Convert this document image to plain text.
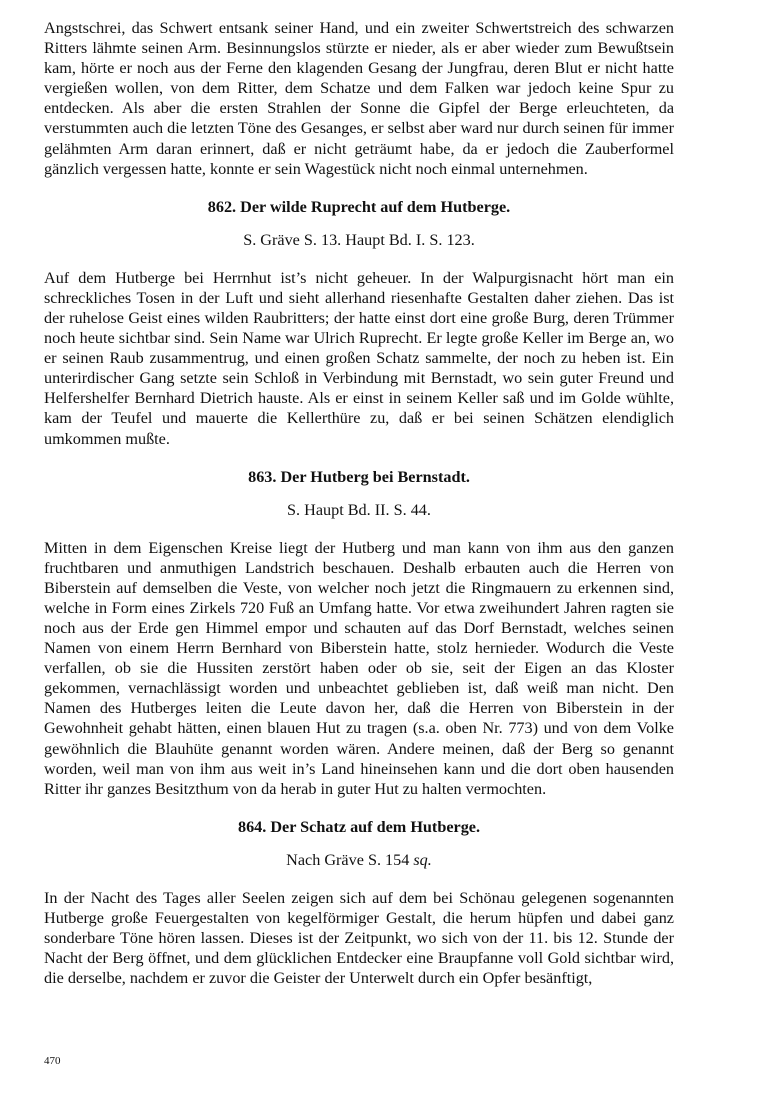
Angstschrei, das Schwert entsank seiner Hand, und ein zweiter Schwertstreich des schwarzen Ritters lähmte seinen Arm. Besinnungslos stürzte er nieder, als er aber wieder zum Bewußtsein kam, hörte er noch aus der Ferne den klagenden Gesang der Jungfrau, deren Blut er nicht hatte vergießen wollen, von dem Ritter, dem Schatze und dem Falken war jedoch keine Spur zu entdecken. Als aber die ersten Strahlen der Sonne die Gipfel der Berge erleuchteten, da verstummten auch die letzten Töne des Gesanges, er selbst aber ward nur durch seinen für immer gelähmten Arm daran erinnert, daß er nicht geträumt habe, da er jedoch die Zauberformel gänzlich vergessen hatte, konnte er sein Wagestück nicht noch einmal unternehmen.

862. Der wilde Ruprecht auf dem Hutberge.

S. Gräve S. 13. Haupt Bd. I. S. 123.

Auf dem Hutberge bei Herrnhut ist’s nicht geheuer. In der Walpurgisnacht hört man ein schreckliches Tosen in der Luft und sieht allerhand riesenhafte Gestalten daher ziehen. Das ist der ruhelose Geist eines wilden Raubritters; der hatte einst dort eine große Burg, deren Trümmer noch heute sichtbar sind. Sein Name war Ulrich Ruprecht. Er legte große Keller im Berge an, wo er seinen Raub zusammentrug, und einen großen Schatz sammelte, der noch zu heben ist. Ein unterirdischer Gang setzte sein Schloß in Verbindung mit Bernstadt, wo sein guter Freund und Helfershelfer Bernhard Dietrich hauste. Als er einst in seinem Keller saß und im Golde wühlte, kam der Teufel und mauerte die Kellerthüre zu, daß er bei seinen Schätzen elendiglich umkommen mußte.

863. Der Hutberg bei Bernstadt.

S. Haupt Bd. II. S. 44.

Mitten in dem Eigenschen Kreise liegt der Hutberg und man kann von ihm aus den ganzen fruchtbaren und anmuthigen Landstrich beschauen. Deshalb erbauten auch die Herren von Biberstein auf demselben die Veste, von welcher noch jetzt die Ringmauern zu erkennen sind, welche in Form eines Zirkels 720 Fuß an Umfang hatte. Vor etwa zweihundert Jahren ragten sie noch aus der Erde gen Himmel empor und schauten auf das Dorf Bernstadt, welches seinen Namen von einem Herrn Bernhard von Biberstein hatte, stolz hernieder. Wodurch die Veste verfallen, ob sie die Hussiten zerstört haben oder ob sie, seit der Eigen an das Kloster gekommen, vernachlässigt worden und unbeachtet geblieben ist, daß weiß man nicht. Den Namen des Hutberges leiten die Leute davon her, daß die Herren von Biberstein in der Gewohnheit gehabt hätten, einen blauen Hut zu tragen (s.a. oben Nr. 773) und von dem Volke gewöhnlich die Blauhüte genannt worden wären. Andere meinen, daß der Berg so genannt worden, weil man von ihm aus weit in’s Land hineinsehen kann und die dort oben hausenden Ritter ihr ganzes Besitzthum von da herab in guter Hut zu halten vermochten.

864. Der Schatz auf dem Hutberge.

Nach Gräve S. 154 sq.

In der Nacht des Tages aller Seelen zeigen sich auf dem bei Schönau gelegenen sogenannten Hutberge große Feuergestalten von kegelförmiger Gestalt, die herum hüpfen und dabei ganz sonderbare Töne hören lassen. Dieses ist der Zeitpunkt, wo sich von der 11. bis 12. Stunde der Nacht der Berg öffnet, und dem glücklichen Entdecker eine Braupfanne voll Gold sichtbar wird, die derselbe, nachdem er zuvor die Geister der Unterwelt durch ein Opfer besänftigt,

470
